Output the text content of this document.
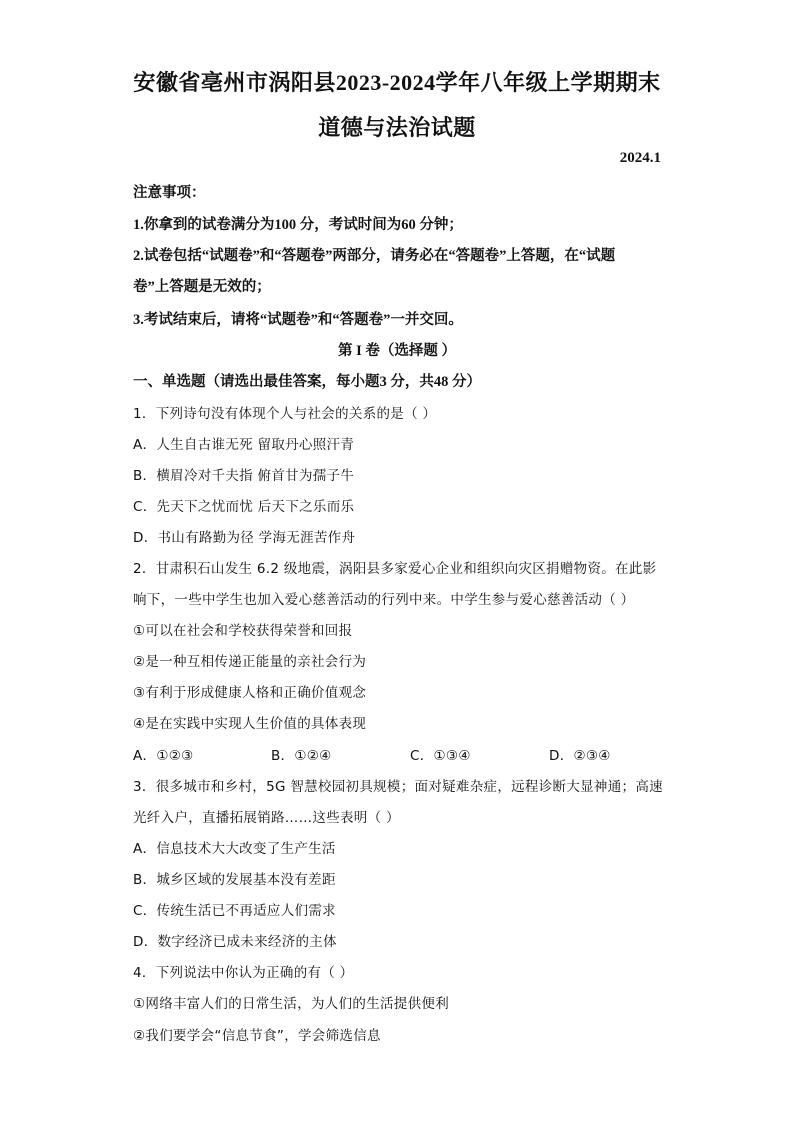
安徽省亳州市涡阳县2023-2024学年八年级上学期期末
道德与法治试题
2024.1
注意事项：
1.你拿到的试卷满分为100 分，考试时间为60 分钟；
2.试卷包括“试题卷”和“答题卷”两部分，请务必在“答题卷”上答题，在“试题
卷”上答题是无效的；
3.考试结束后，请将“试题卷”和“答题卷”一并交回。
第 I 卷（选择题 ）
一、单选题（请选出最佳答案，每小题3 分，共48 分）
1．下列诗句没有体现个人与社会的关系的是（ ）
A．人生自古谁无死 留取丹心照汗青
B．横眉冷对千夫指 俯首甘为孺子牛
C．先天下之忧而忧 后天下之乐而乐
D．书山有路勤为径 学海无涯苦作舟
2．甘肃积石山发生 6.2 级地震，涡阳县多家爱心企业和组织向灾区捐赠物资。在此影
响下，一些中学生也加入爱心慈善活动的行列中来。中学生参与爱心慈善活动（ ）
①可以在社会和学校获得荣誉和回报
②是一种互相传递正能量的亲社会行为
③有利于形成健康人格和正确价值观念
④是在实践中实现人生价值的具体表现
A．①②③	B．①②④	C．①③④	D．②③④
3．很多城市和乡村，5G 智慧校园初具规模；面对疑难杂症，远程诊断大显神通；高速
光纤入户，直播拓展销路……这些表明（ ）
A．信息技术大大改变了生产生活
B．城乡区域的发展基本没有差距
C．传统生活已不再适应人们需求
D．数字经济已成未来经济的主体
4．下列说法中你认为正确的有（ ）
①网络丰富人们的日常生活，为人们的生活提供便利
②我们要学会“信息节食”，学会筛选信息
